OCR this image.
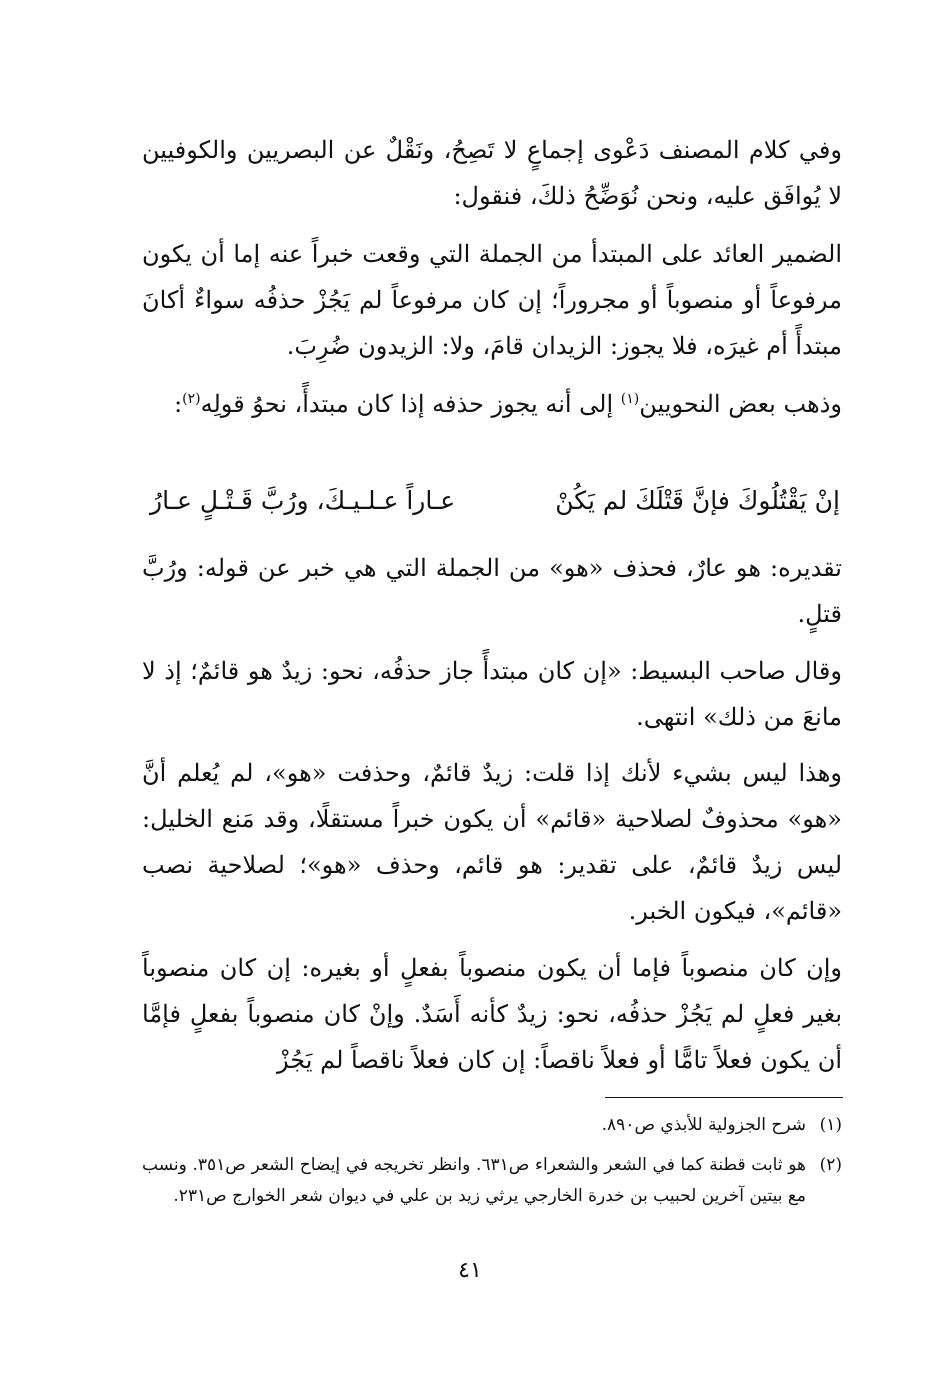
وفي كلام المصنف دَعْوى إجماعٍ لا تَصِحُ، ونَقْلٌ عن البصريين والكوفيين لا يُوافَق عليه، ونحن نُوَضِّحُ ذلكَ، فنقول:

الضمير العائد على المبتدأ من الجملة التي وقعت خبراً عنه إما أن يكون مرفوعاً أو منصوباً أو مجروراً؛ إن كان مرفوعاً لم يَجُزْ حذفُه سواءٌ أكانَ مبتدأً أم غيرَه، فلا يجوز: الزيدان قامَ، ولا: الزيدون ضُرِبَ.

وذهب بعض النحويين$^{(١)}$ إلى أنه يجوز حذفه إذا كان مبتدأً، نحوُ قولِه$^{(٢)}$:

إنْ يَقْتُلُوكَ فإنَّ قَتْلَكَ لم يَكُنْ
عـاراً عـلـيـكَ، ورُبَّ قَـتْـلٍ عـارُ

تقديره: هو عارٌ، فحذف «هو» من الجملة التي هي خبر عن قوله: ورُبَّ قتلٍ.

وقال صاحب البسيط: «إن كان مبتدأً جاز حذفُه، نحو: زيدٌ هو قائمٌ؛ إذ لا مانعَ من ذلك» انتهى.

وهذا ليس بشيء لأنك إذا قلت: زيدٌ قائمٌ، وحذفت «هو»، لم يُعلم أنَّ «هو» محذوفٌ لصلاحية «قائم» أن يكون خبراً مستقلًا، وقد مَنع الخليل: ليس زيدٌ قائمٌ، على تقدير: هو قائم، وحذف «هو»؛ لصلاحية نصب «قائم»، فيكون الخبر.

وإن كان منصوباً فإما أن يكون منصوباً بفعلٍ أو بغيره: إن كان منصوباً بغير فعلٍ لم يَجُزْ حذفُه، نحو: زيدٌ كأنه أَسَدٌ. وإنْ كان منصوباً بفعلٍ فإمَّا أن يكون فعلاً تامًّا أو فعلاً ناقصاً: إن كان فعلاً ناقصاً لم يَجُزْ

(١)
شرح الجزولية للأبذي ص٨٩٠.
(٢)
هو ثابت قطنة كما في الشعر والشعراء ص٦٣١. وانظر تخريجه في إيضاح الشعر ص٣٥١. ونسب مع بيتين آخرين لحبيب بن خدرة الخارجي يرثي زيد بن علي في ديوان شعر الخوارج ص٢٣١.
٤١
